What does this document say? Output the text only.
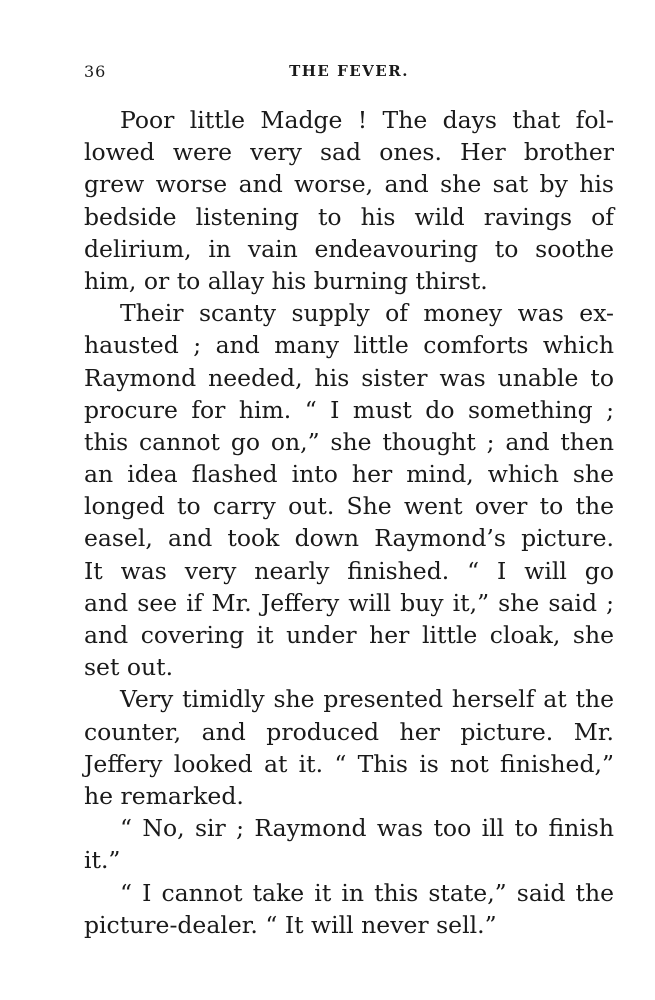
36	THE FEVER.

Poor little Madge ! The days that fol-
lowed were very sad ones. Her brother
grew worse and worse, and she sat by his
bedside listening to his wild ravings of
delirium, in vain endeavouring to soothe
him, or to allay his burning thirst.

Their scanty supply of money was ex-
hausted ; and many little comforts which
Raymond needed, his sister was unable to
procure for him. “ I must do something ;
this cannot go on,” she thought ; and then
an idea flashed into her mind, which she
longed to carry out. She went over to the
easel, and took down Raymond’s picture.
It was very nearly finished. “ I will go
and see if Mr. Jeffery will buy it,” she said ;
and covering it under her little cloak, she
set out.

Very timidly she presented herself at the
counter, and produced her picture. Mr.
Jeffery looked at it. “ This is not finished,”
he remarked.

“ No, sir ; Raymond was too ill to finish
it.”

“ I cannot take it in this state,” said the
picture-dealer. “ It will never sell.”
